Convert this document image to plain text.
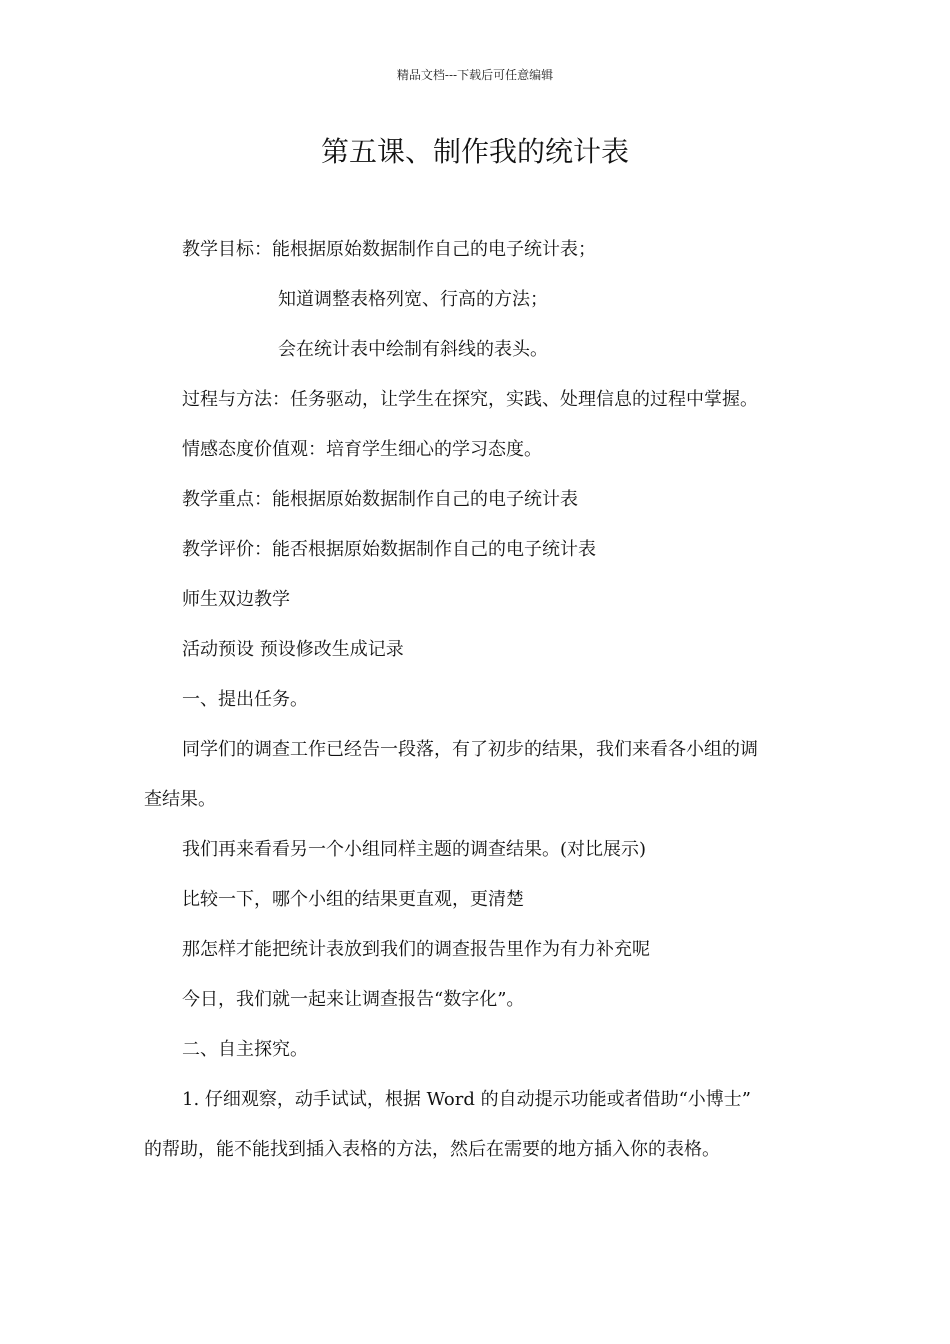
精品文档---下载后可任意编辑
第五课、制作我的统计表
教学目标：能根据原始数据制作自己的电子统计表；
知道调整表格列宽、行高的方法；
会在统计表中绘制有斜线的表头。
过程与方法：任务驱动，让学生在探究，实践、处理信息的过程中掌握。
情感态度价值观：培育学生细心的学习态度。
教学重点：能根据原始数据制作自己的电子统计表
教学评价：能否根据原始数据制作自己的电子统计表
师生双边教学
活动预设 预设修改生成记录
一、提出任务。
同学们的调查工作已经告一段落，有了初步的结果，我们来看各小组的调
查结果。
我们再来看看另一个小组同样主题的调查结果。(对比展示)
比较一下，哪个小组的结果更直观，更清楚
那怎样才能把统计表放到我们的调查报告里作为有力补充呢
今日，我们就一起来让调查报告“数字化”。
二、自主探究。
1. 仔细观察，动手试试，根据 Word 的自动提示功能或者借助“小博士”
的帮助，能不能找到插入表格的方法，然后在需要的地方插入你的表格。
